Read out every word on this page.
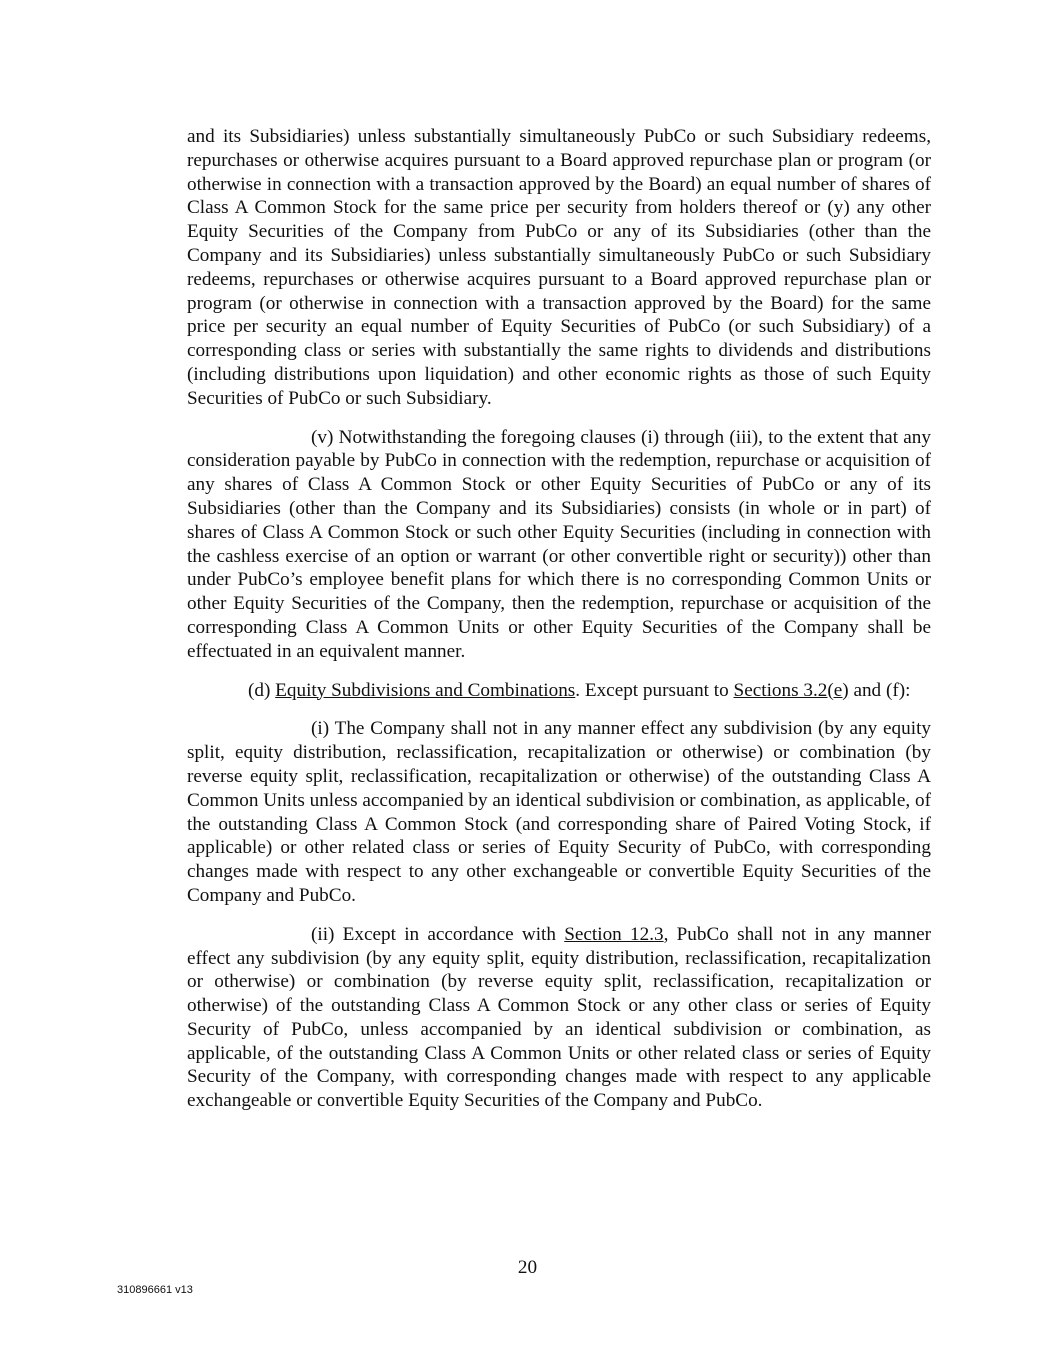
and its Subsidiaries) unless substantially simultaneously PubCo or such Subsidiary redeems, repurchases or otherwise acquires pursuant to a Board approved repurchase plan or program (or otherwise in connection with a transaction approved by the Board) an equal number of shares of Class A Common Stock for the same price per security from holders thereof or (y) any other Equity Securities of the Company from PubCo or any of its Subsidiaries (other than the Company and its Subsidiaries) unless substantially simultaneously PubCo or such Subsidiary redeems, repurchases or otherwise acquires pursuant to a Board approved repurchase plan or program (or otherwise in connection with a transaction approved by the Board) for the same price per security an equal number of Equity Securities of PubCo (or such Subsidiary) of a corresponding class or series with substantially the same rights to dividends and distributions (including distributions upon liquidation) and other economic rights as those of such Equity Securities of PubCo or such Subsidiary.

(v) Notwithstanding the foregoing clauses (i) through (iii), to the extent that any consideration payable by PubCo in connection with the redemption, repurchase or acquisition of any shares of Class A Common Stock or other Equity Securities of PubCo or any of its Subsidiaries (other than the Company and its Subsidiaries) consists (in whole or in part) of shares of Class A Common Stock or such other Equity Securities (including in connection with the cashless exercise of an option or warrant (or other convertible right or security)) other than under PubCo’s employee benefit plans for which there is no corresponding Common Units or other Equity Securities of the Company, then the redemption, repurchase or acquisition of the corresponding Class A Common Units or other Equity Securities of the Company shall be effectuated in an equivalent manner.

(d) Equity Subdivisions and Combinations. Except pursuant to Sections 3.2(e) and (f):

(i) The Company shall not in any manner effect any subdivision (by any equity split, equity distribution, reclassification, recapitalization or otherwise) or combination (by reverse equity split, reclassification, recapitalization or otherwise) of the outstanding Class A Common Units unless accompanied by an identical subdivision or combination, as applicable, of the outstanding Class A Common Stock (and corresponding share of Paired Voting Stock, if applicable) or other related class or series of Equity Security of PubCo, with corresponding changes made with respect to any other exchangeable or convertible Equity Securities of the Company and PubCo.

(ii) Except in accordance with Section 12.3, PubCo shall not in any manner effect any subdivision (by any equity split, equity distribution, reclassification, recapitalization or otherwise) or combination (by reverse equity split, reclassification, recapitalization or otherwise) of the outstanding Class A Common Stock or any other class or series of Equity Security of PubCo, unless accompanied by an identical subdivision or combination, as applicable, of the outstanding Class A Common Units or other related class or series of Equity Security of the Company, with corresponding changes made with respect to any applicable exchangeable or convertible Equity Securities of the Company and PubCo.

20
310896661 v13
